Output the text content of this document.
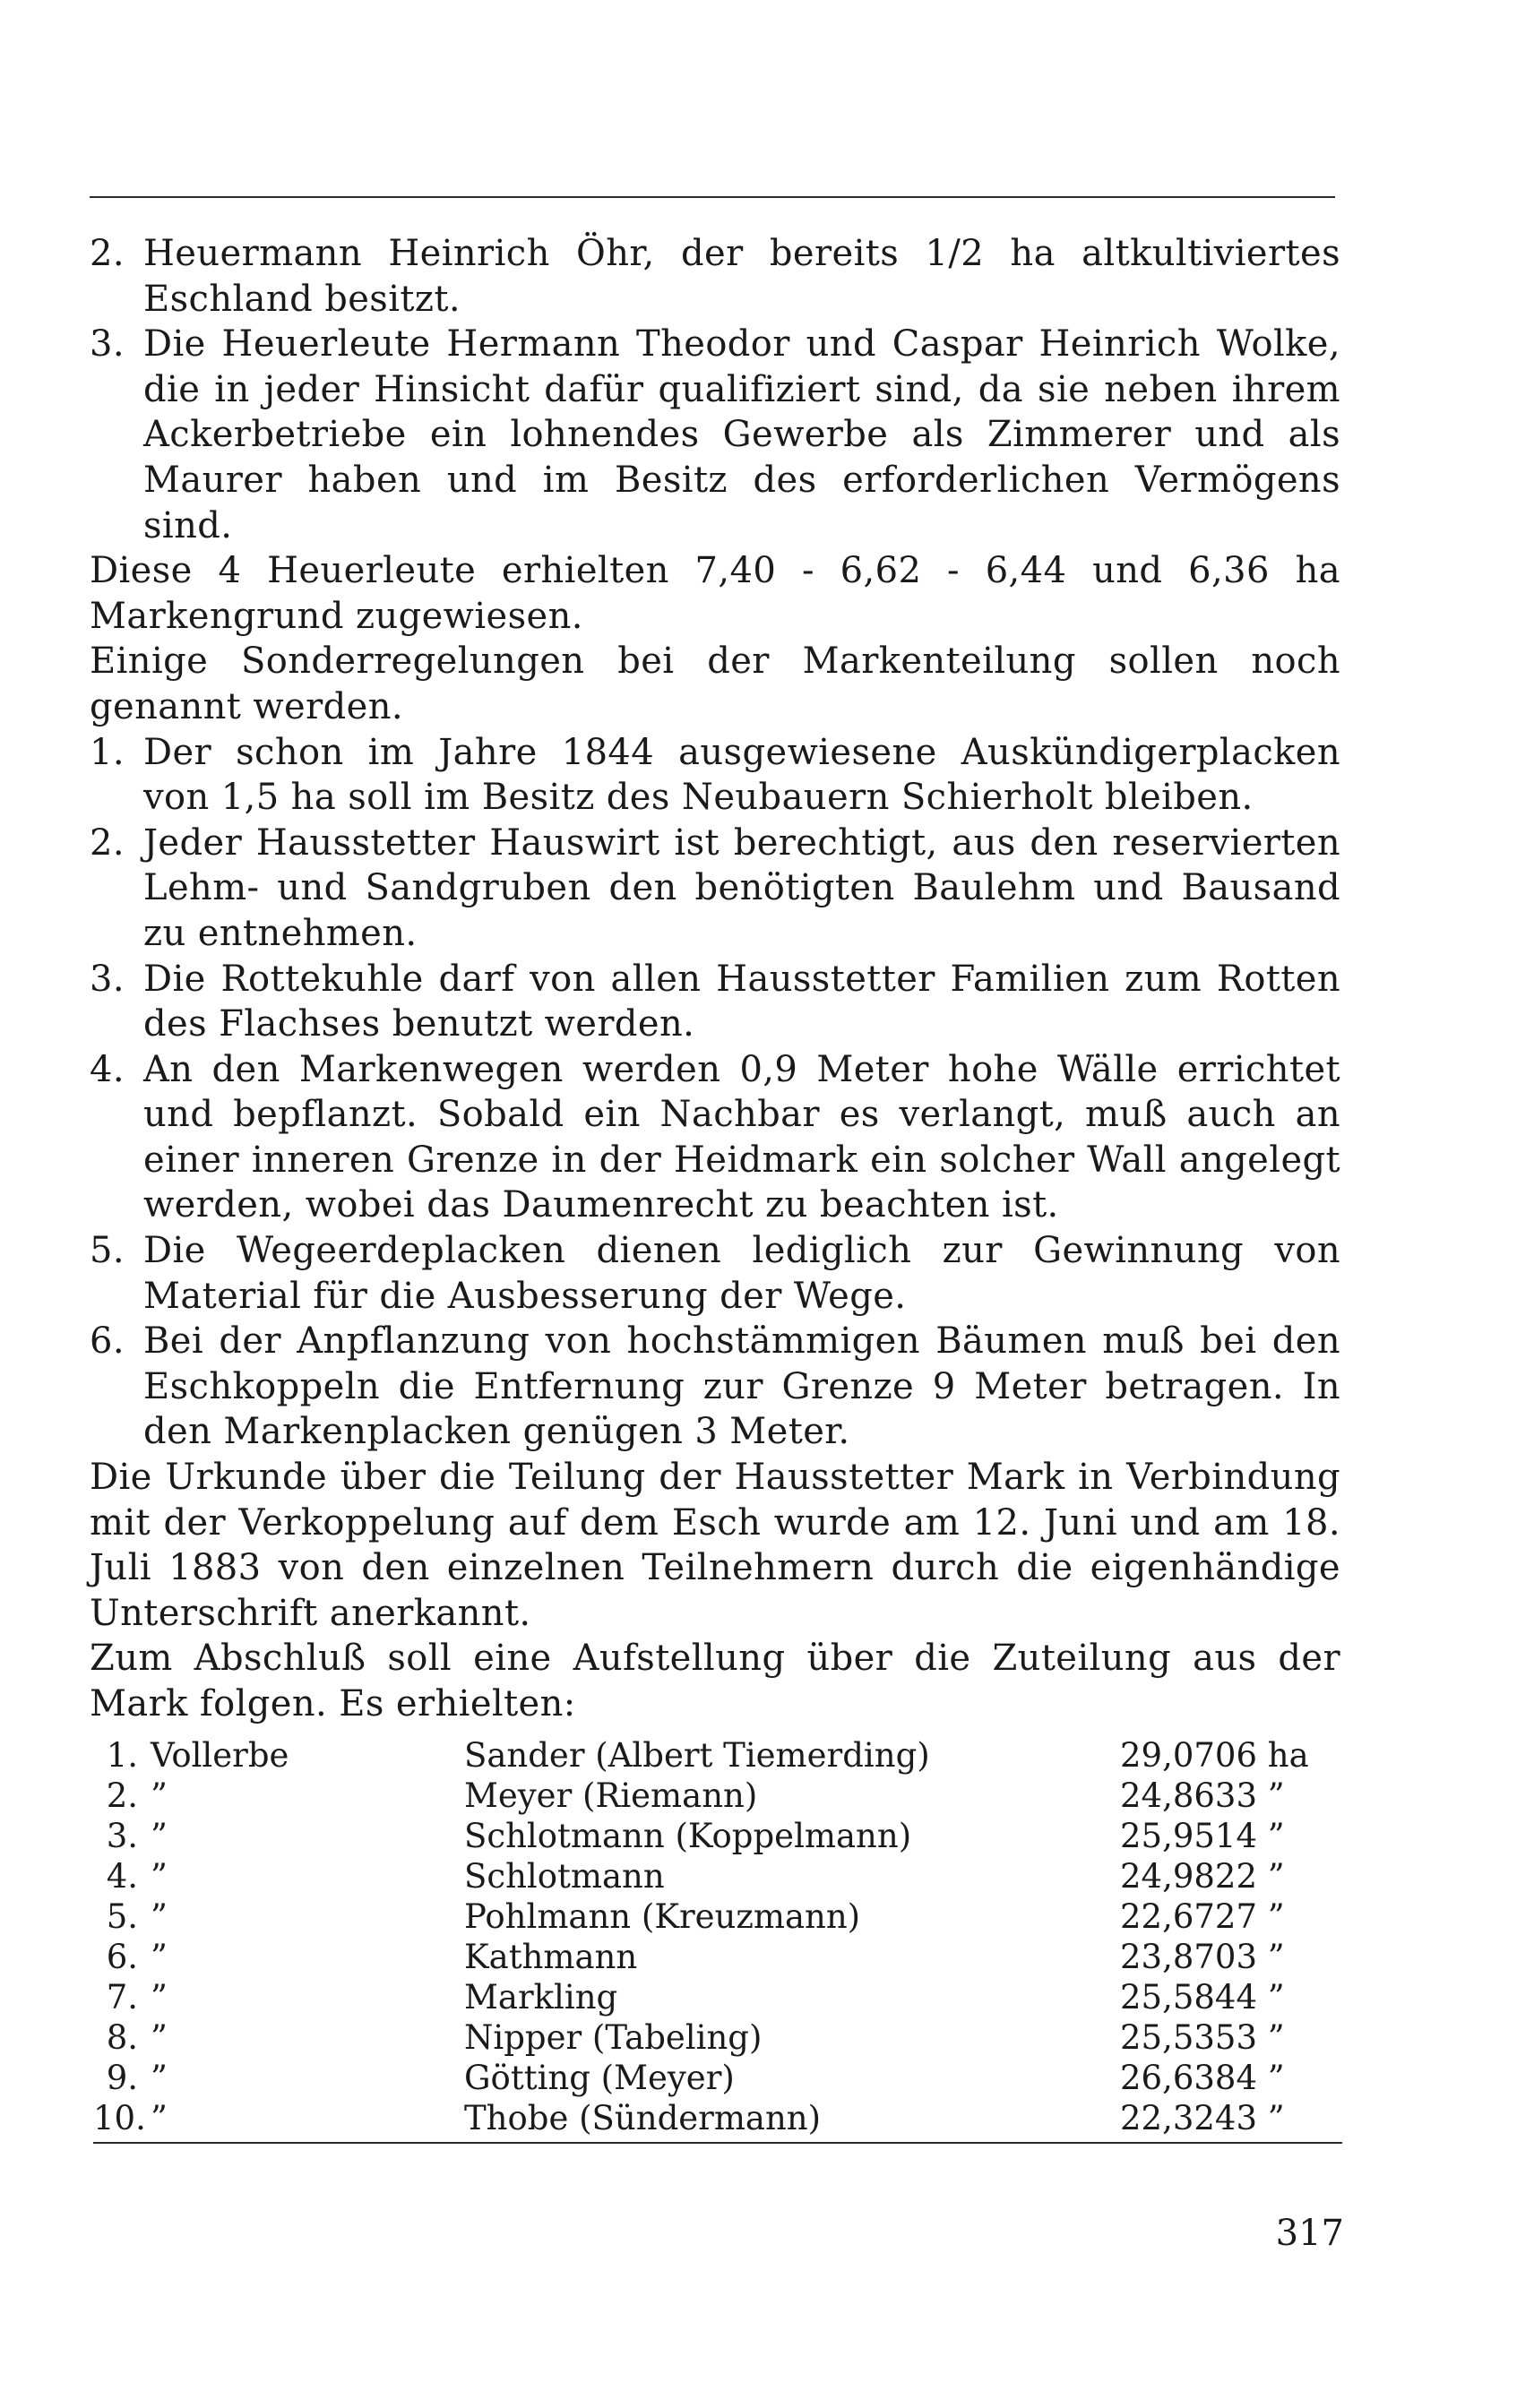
2. Heuermann Heinrich Öhr, der bereits 1/2 ha altkultiviertes Eschland besitzt.
3. Die Heuerleute Hermann Theodor und Caspar Heinrich Wolke, die in jeder Hinsicht dafür qualifiziert sind, da sie neben ihrem Ackerbetriebe ein lohnendes Gewerbe als Zimmerer und als Maurer haben und im Besitz des erforderlichen Vermögens sind.
Diese 4 Heuerleute erhielten 7,40 - 6,62 - 6,44 und 6,36 ha Markengrund zugewiesen.
Einige Sonderregelungen bei der Markenteilung sollen noch genannt werden.
1. Der schon im Jahre 1844 ausgewiesene Auskündigerplacken von 1,5 ha soll im Besitz des Neubauern Schierholt bleiben.
2. Jeder Hausstetter Hauswirt ist berechtigt, aus den reservierten Lehm- und Sandgruben den benötigten Baulehm und Bausand zu entnehmen.
3. Die Rottekuhle darf von allen Hausstetter Familien zum Rotten des Flachses benutzt werden.
4. An den Markenwegen werden 0,9 Meter hohe Wälle errichtet und bepflanzt. Sobald ein Nachbar es verlangt, muß auch an einer inneren Grenze in der Heidmark ein solcher Wall angelegt werden, wobei das Daumenrecht zu beachten ist.
5. Die Wegeerdeplacken dienen lediglich zur Gewinnung von Material für die Ausbesserung der Wege.
6. Bei der Anpflanzung von hochstämmigen Bäumen muß bei den Eschkoppeln die Entfernung zur Grenze 9 Meter betragen. In den Markenplacken genügen 3 Meter.
Die Urkunde über die Teilung der Hausstetter Mark in Verbindung mit der Verkoppelung auf dem Esch wurde am 12. Juni und am 18. Juli 1883 von den einzelnen Teilnehmern durch die eigenhändige Unterschrift anerkannt.
Zum Abschluß soll eine Aufstellung über die Zuteilung aus der Mark folgen. Es erhielten:
1. Vollerbe	Sander (Albert Tiemerding)	29,0706 ha
2. ”	Meyer (Riemann)	24,8633 ”
3. ”	Schlotmann (Koppelmann)	25,9514 ”
4. ”	Schlotmann	24,9822 ”
5. ”	Pohlmann (Kreuzmann)	22,6727 ”
6. ”	Kathmann	23,8703 ”
7. ”	Markling	25,5844 ”
8. ”	Nipper (Tabeling)	25,5353 ”
9. ”	Götting (Meyer)	26,6384 ”
10. ”	Thobe (Sündermann)	22,3243 ”
317
